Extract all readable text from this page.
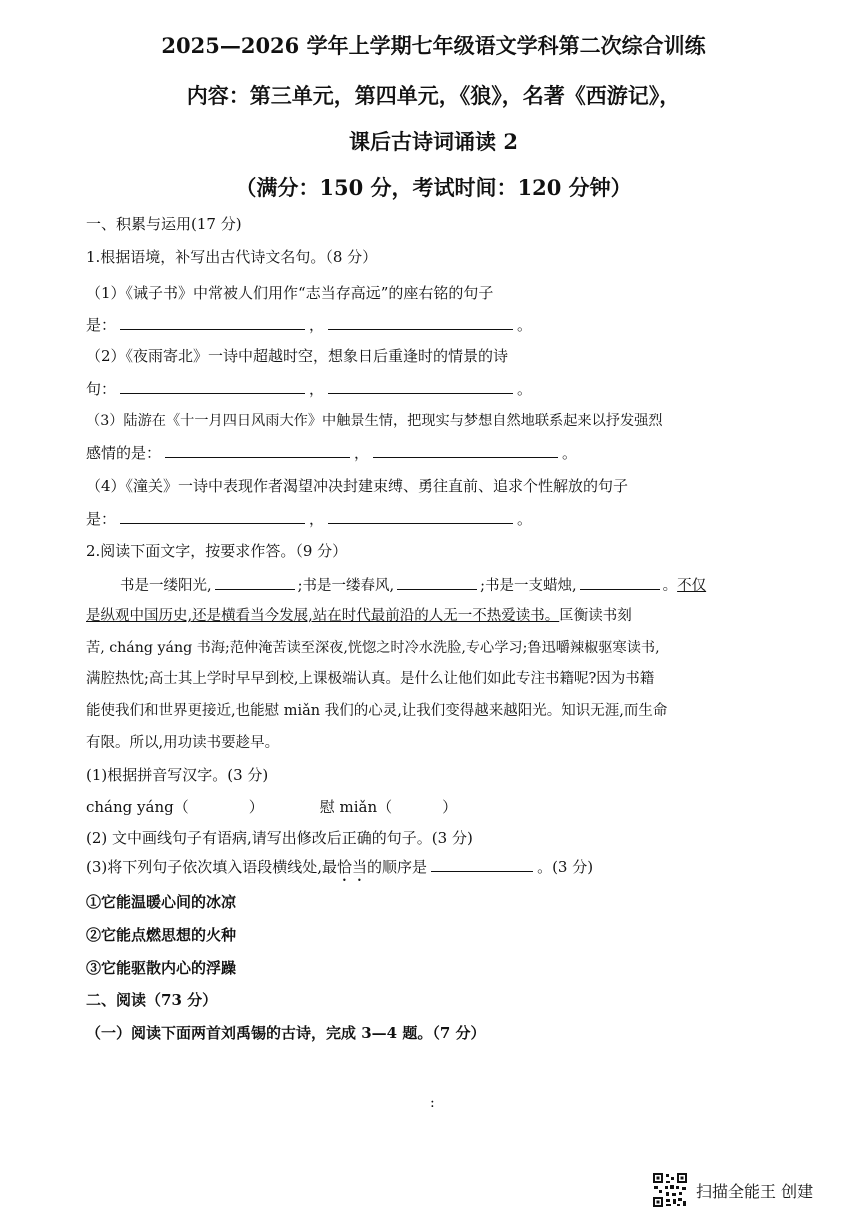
2025—2026 学年上学期七年级语文学科第二次综合训练
内容：第三单元，第四单元，《狼》，名著《西游记》，
课后古诗词诵读 2
（满分：150 分，考试时间：120 分钟）
一、积累与运用(17 分)
1.根据语境，补写出古代诗文名句。（8 分）
（1）《诫子书》中常被人们用作“志当存高远”的座右铭的句子
是：	，	。
（2）《夜雨寄北》一诗中超越时空，想象日后重逢时的情景的诗
句：	，	。
（3）陆游在《十一月四日风雨大作》中触景生情，把现实与梦想自然地联系起来以抒发强烈
感情的是：	，	。
（4）《潼关》一诗中表现作者渴望冲决封建束缚、勇往直前、追求个性解放的句子
是：	，	。
2.阅读下面文字，按要求作答。（9 分）
书是一缕阳光,	;书是一缕春风,	;书是一支蜡烛,	。不仅
是纵观中国历史,还是横看当今发展,站在时代最前沿的人无一不热爱读书。匡衡读书刻
苦, cháng yáng 书海;范仲淹苦读至深夜,恍惚之时冷水洗脸,专心学习;鲁迅嚼辣椒驱寒读书,
满腔热忱;高士其上学时早早到校,上课极端认真。是什么让他们如此专注书籍呢?因为书籍
能使我们和世界更接近,也能慰 miǎn 我们的心灵,让我们变得越来越阳光。知识无涯,而生命
有限。所以,用功读书要趁早。
(1)根据拼音写汉字。(3 分)
cháng yáng（	）	慰 miǎn（	）
(2) 文中画线句子有语病,请写出修改后正确的句子。(3 分)
(3)将下列句子依次填入语段横线处,最恰当的顺序是	。(3 分)
①它能温暖心间的冰凉
②它能点燃思想的火种
③它能驱散内心的浮躁
二、阅读（73 分）
（一）阅读下面两首刘禹锡的古诗，完成 3—4 题。（7 分）
:
扫描全能王 创建
